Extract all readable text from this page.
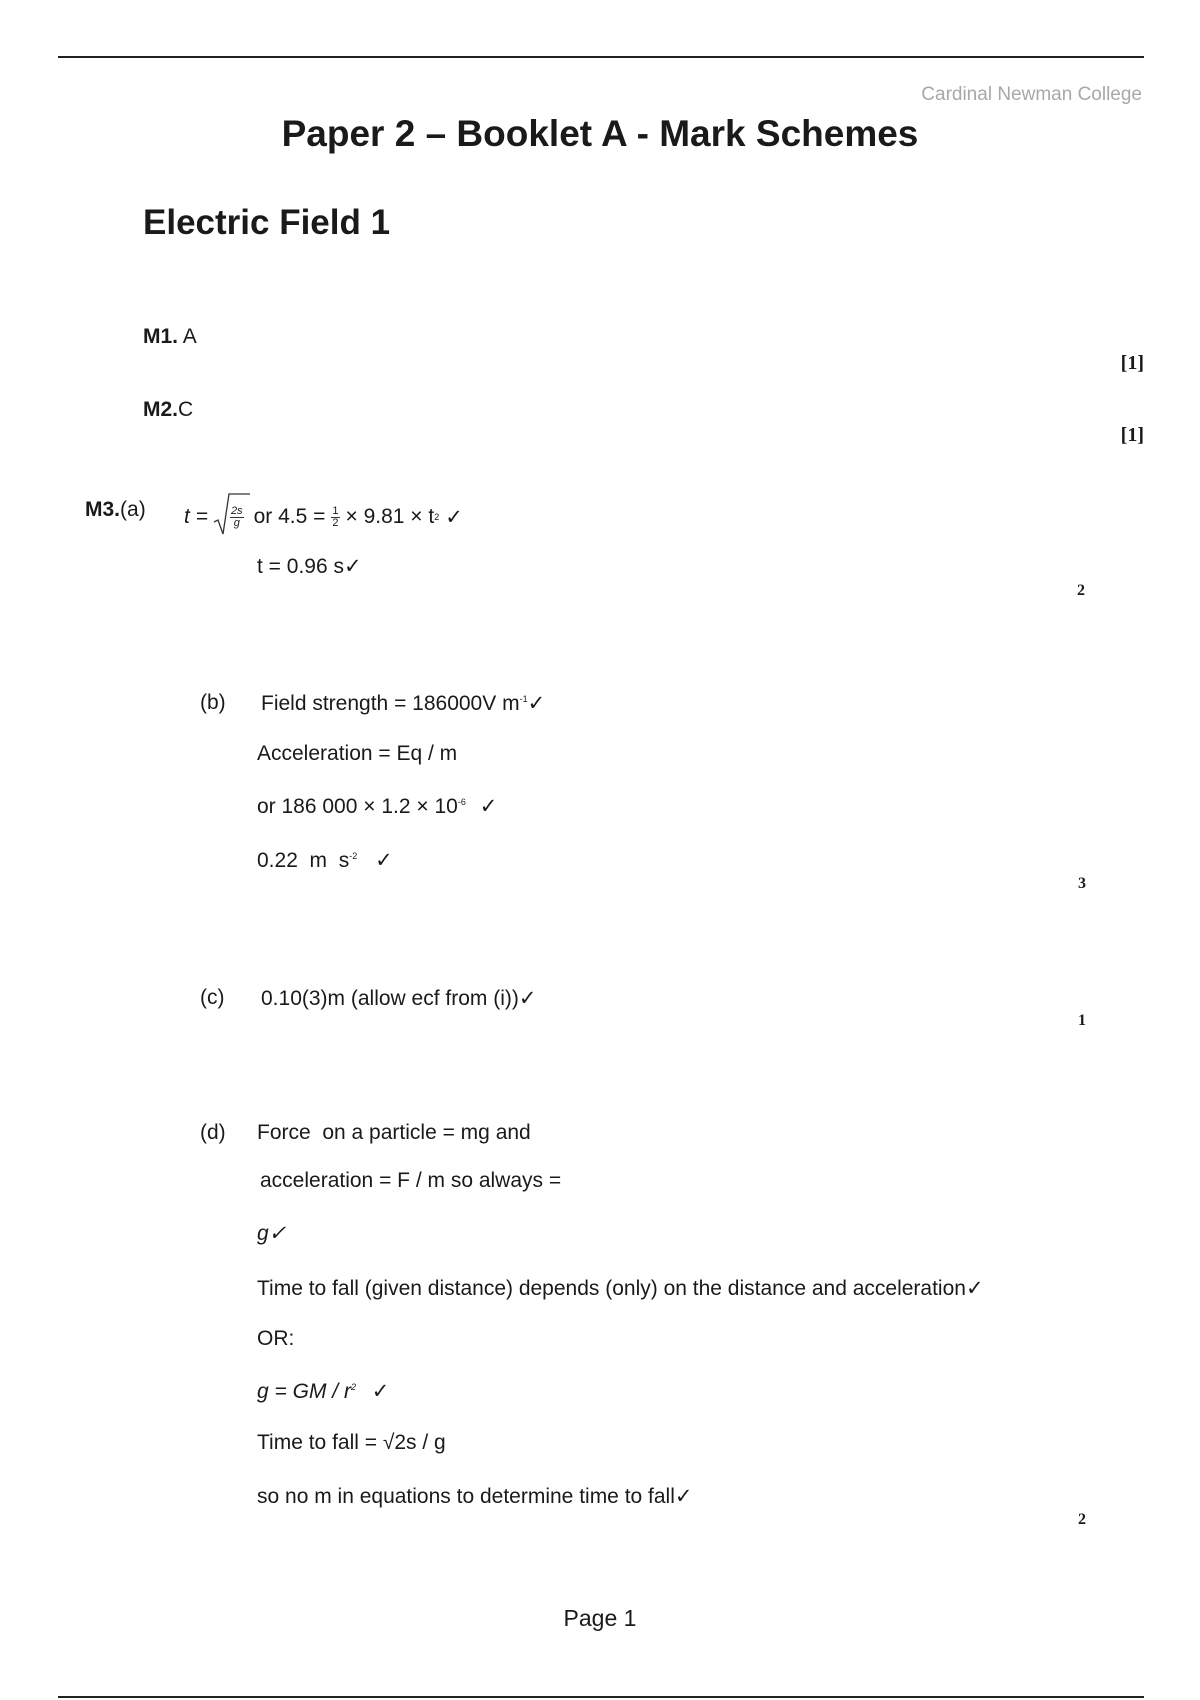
Cardinal Newman College
Paper 2 – Booklet A - Mark Schemes
Electric Field 1
M1. A
[1]
M2.C
[1]
M3.(a) $t = \frac{2s}{g}$ or $4.5 = \frac{1}{2} \times 9.81 \times t$ 2 ✓
t = 0.96 s✓
2
(b) Field strength = 186000V $m^{-1}✓$
Acceleration = Eq / m
or 186 $000 \times 1.2 \times 10^{-6}$ ✓
0.22  m  $s^{-2}$ ✓
3
(c) 0.10(3)m (allow ecf from (i))✓
1
(d) Force  on a particle = mg and
acceleration = F / m so always =
g✓
Time to fall (given distance) depends (only) on the distance and acceleration✓
OR:
g = GM / $r^2$ ✓
Time to fall = √2s / g
so no m in equations to determine time to fall✓
2
Page 1
